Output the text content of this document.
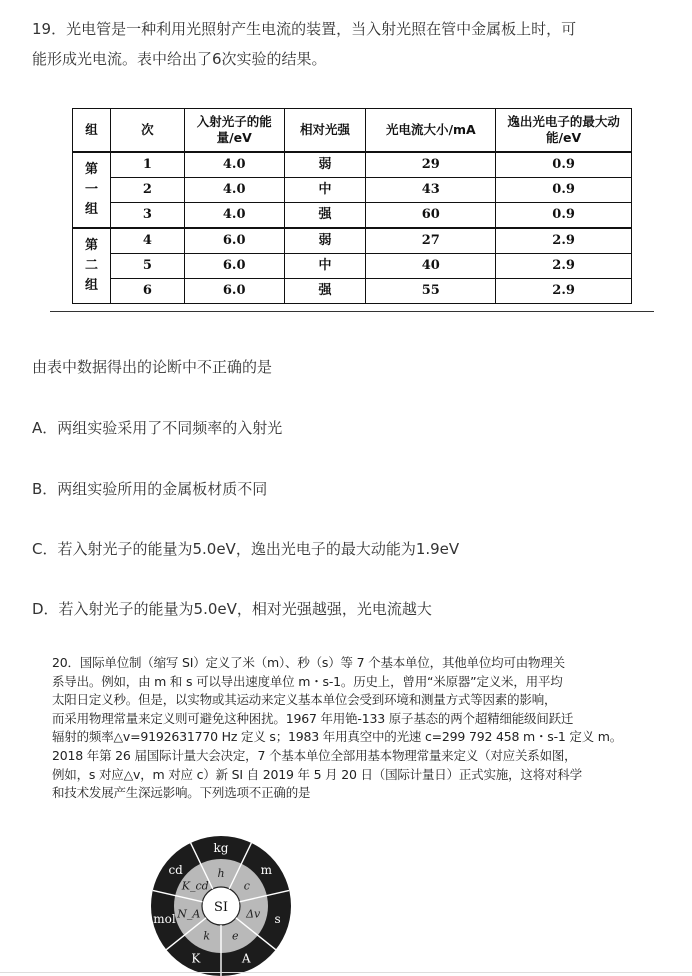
19．光电管是一种利用光照射产生电流的装置，当入射光照在管中金属板上时，可
能形成光电流。表中给出了6次实验的结果。
组	次	入射光子的能量/eV	相对光强	光电流大小/mA	逸出光电子的最大动能/eV

第
一
组	1	4.0	弱	29	0.9
	2	4.0	中	43	0.9
	3	4.0	强	60	0.9

第
二
组	4	6.0	弱	27	2.9
	5	6.0	中	40	2.9
	6	6.0	强	55	2.9
由表中数据得出的论断中不正确的是
A．两组实验采用了不同频率的入射光
B．两组实验所用的金属板材质不同
C．若入射光子的能量为5.0eV，逸出光电子的最大动能为1.9eV
D．若入射光子的能量为5.0eV，相对光强越强，光电流越大
20．国际单位制（缩写 SI）定义了米（m）、秒（s）等 7 个基本单位，其他单位均可由物理关
系导出。例如，由 m 和 s 可以导出速度单位 m・s-1。历史上，曾用“米原器”定义米，用平均
太阳日定义秒。但是，以实物或其运动来定义基本单位会受到环境和测量方式等因素的影响，
而采用物理常量来定义则可避免这种困扰。1967 年用铯-133 原子基态的两个超精细能级间跃迁
辐射的频率△v=9192631770 Hz 定义 s；1983 年用真空中的光速 c=299 792 458 m・s-1 定义 m。
2018 年第 26 届国际计量大会决定，7 个基本单位全部用基本物理常量来定义（对应关系如图，
例如，s 对应△v，m 对应 c）新 SI 自 2019 年 5 月 20 日（国际计量日）正式实施，这将对科学
和技术发展产生深远影响。下列选项不正确的是
kg
m
s
A
K
mol
cd	h
c
Δv
e
k
N_A
K_cd
SI
